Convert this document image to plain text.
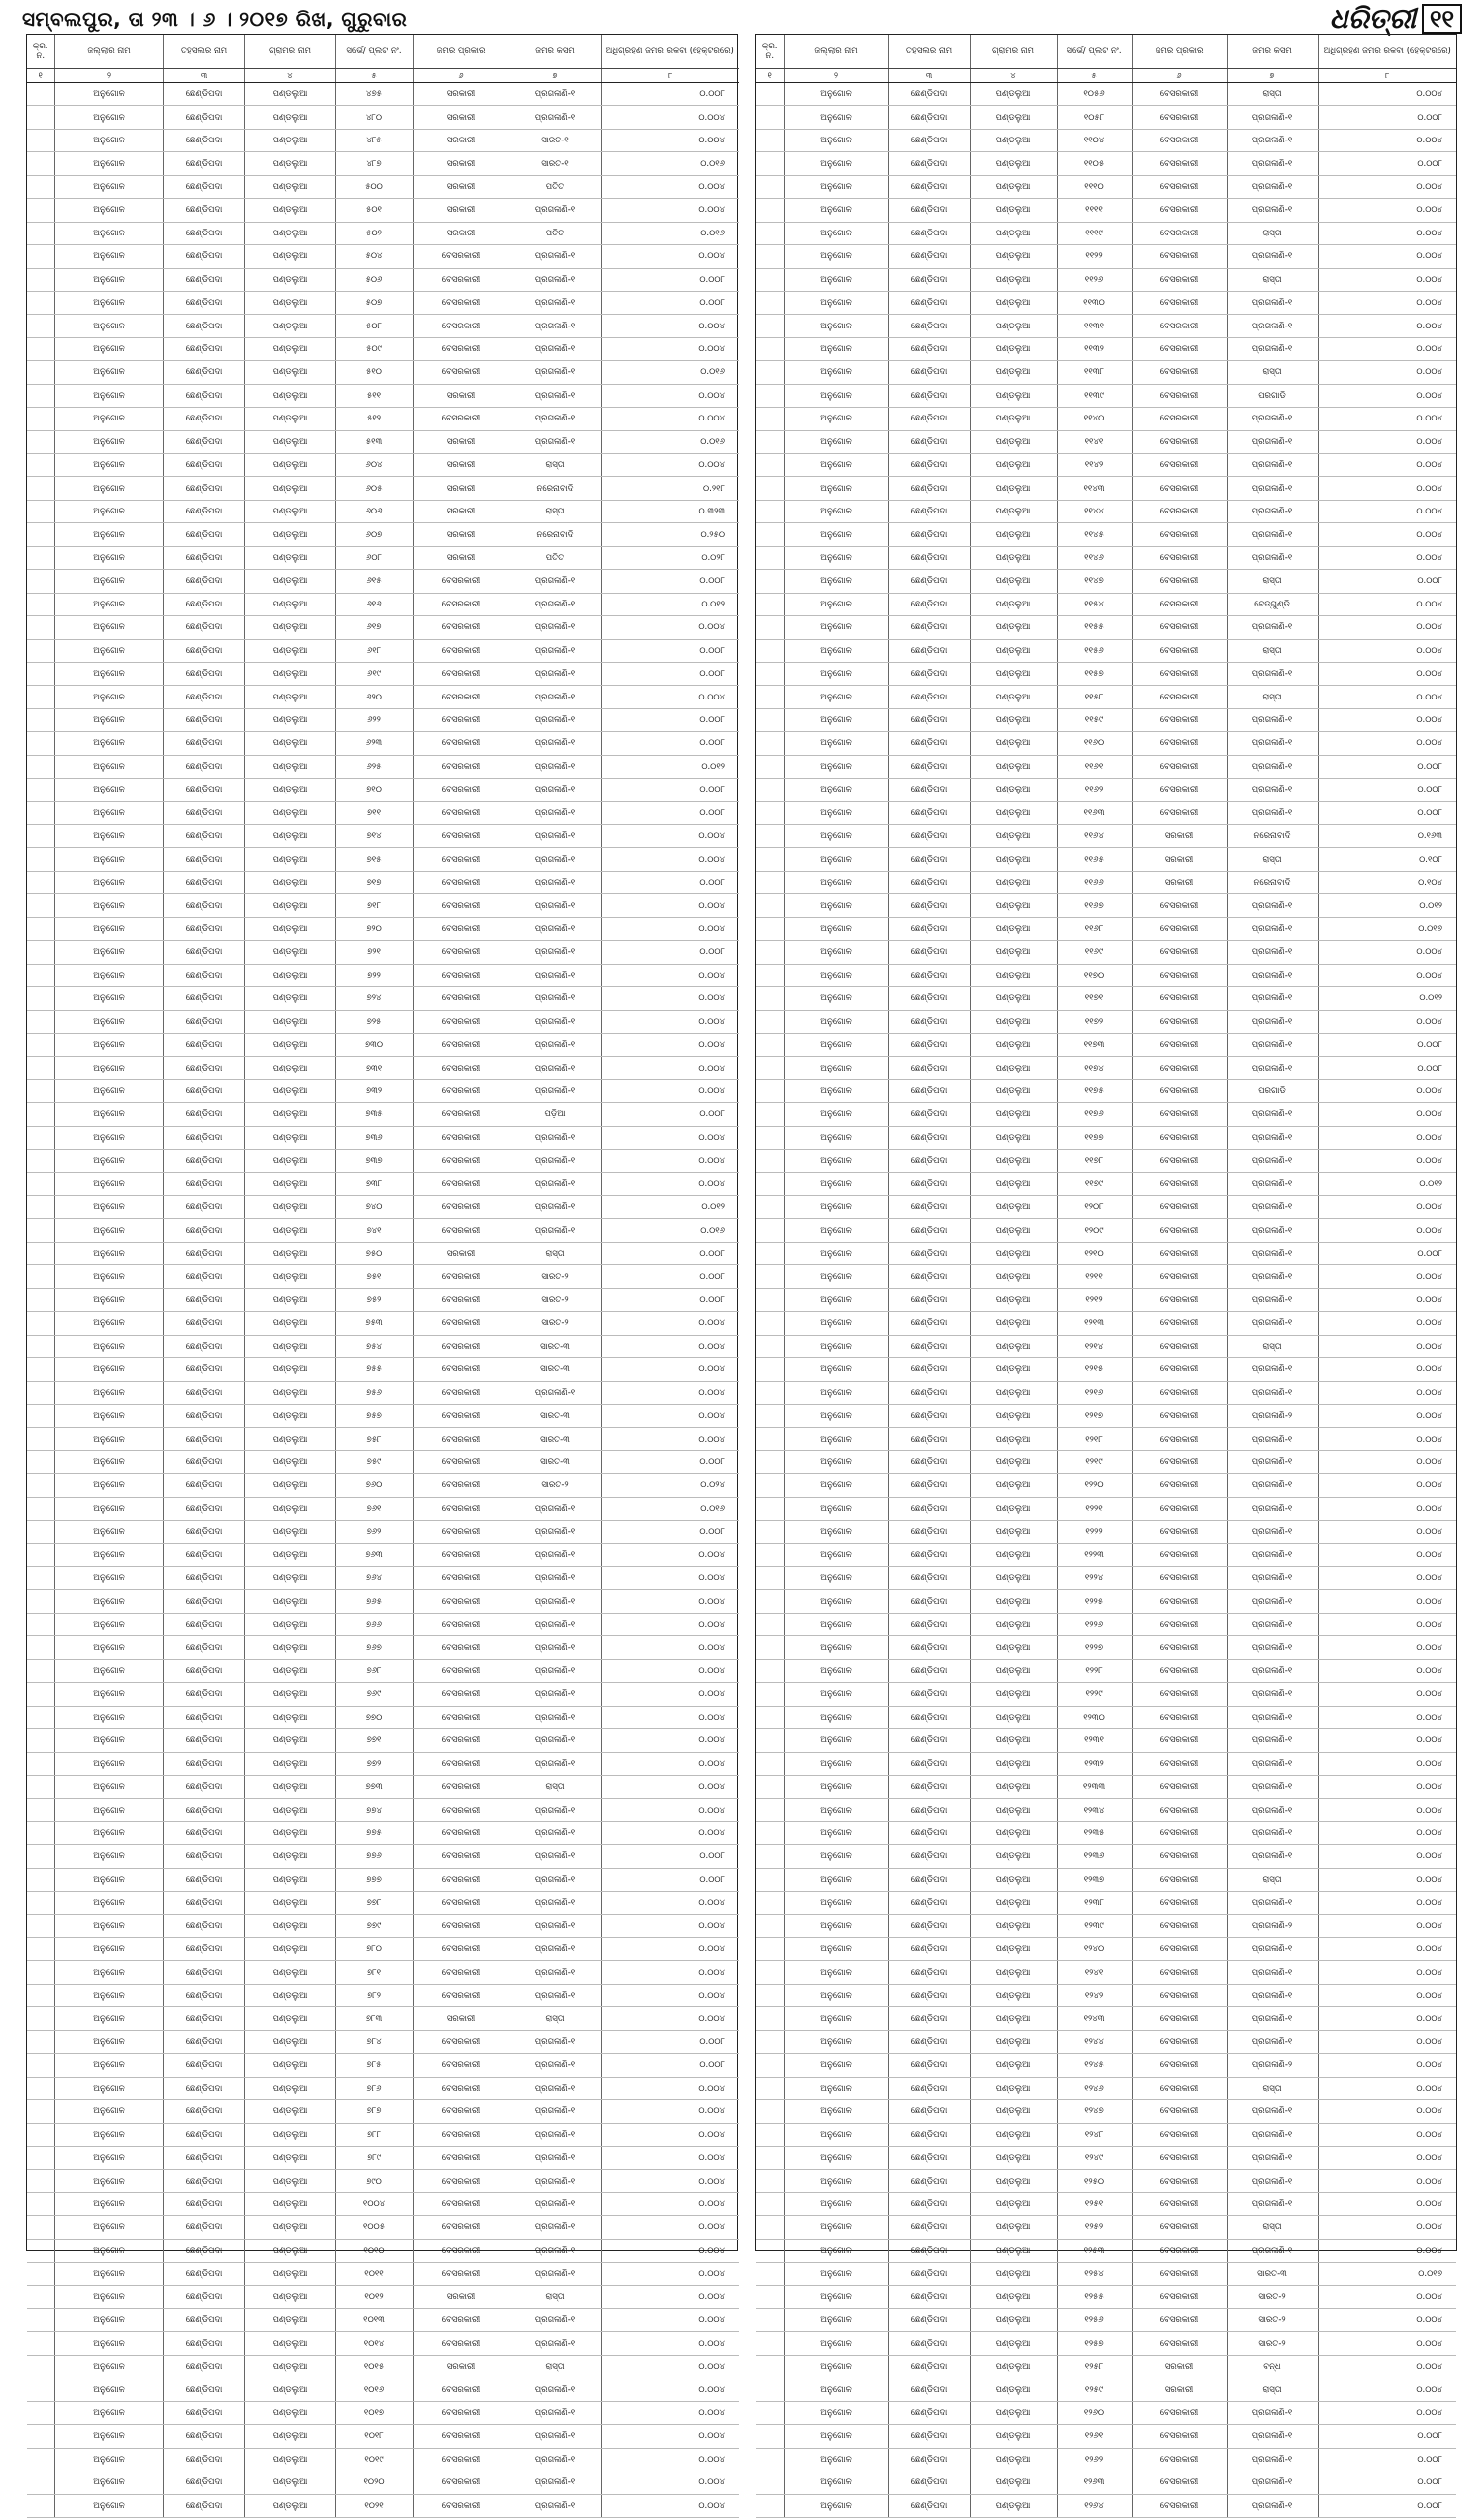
ସମ୍ବଲପୁର, ତା ୨୩ । ୬ । ୨୦୧୭ ରିଖ, ଗୁରୁବାର	ଧରିତ୍ରୀ ୧୧
କ୍ର. ନ.	ଜିଲ୍ଲାର ନାମ	ତହସିଲର ନାମ	ଗ୍ରାମର ନାମ	ସର୍ଭେ/ ପ୍ଲଟ ନଂ.	ଜମିର ପ୍ରକାର	ଜମିର କିସମ	ଅଧିଗ୍ରହଣ ଜମିର ରକବା (ହେକ୍ଟରରେ)
୧	୨	୩	୪	୫	୬	୭	୮
	ଅନୁଗୋଳ	ଛେଣ୍ଡିପଦା	ପଣ୍ଡଲୁଆ	୪୭୫	ସରକାରୀ	ପ୍ରଗଳାଣି-୧	୦.୦୦୮
	ଅନୁଗୋଳ	ଛେଣ୍ଡିପଦା	ପଣ୍ଡଲୁଆ	୪୮୦	ସରକାରୀ	ପ୍ରଗଳାଣି-୧	୦.୦୦୪
	ଅନୁଗୋଳ	ଛେଣ୍ଡିପଦା	ପଣ୍ଡଲୁଆ	୪୮୫	ସରକାରୀ	ସାରତ-୧	୦.୦୦୪
	ଅନୁଗୋଳ	ଛେଣ୍ଡିପଦା	ପଣ୍ଡଲୁଆ	୪୮୭	ସରକାରୀ	ସାରତ-୧	୦.୦୧୬
	ଅନୁଗୋଳ	ଛେଣ୍ଡିପଦା	ପଣ୍ଡଲୁଆ	୫୦୦	ସରକାରୀ	ପତିତ	୦.୦୦୪
	ଅନୁଗୋଳ	ଛେଣ୍ଡିପଦା	ପଣ୍ଡଲୁଆ	୫୦୧	ସରକାରୀ	ପ୍ରଗଳାଣି-୧	୦.୦୦୪
	ଅନୁଗୋଳ	ଛେଣ୍ଡିପଦା	ପଣ୍ଡଲୁଆ	୫୦୨	ସରକାରୀ	ପତିତ	୦.୦୧୬
	ଅନୁଗୋଳ	ଛେଣ୍ଡିପଦା	ପଣ୍ଡଲୁଆ	୫୦୪	ବେସରକାରୀ	ପ୍ରଗଳାଣି-୧	୦.୦୦୪
	ଅନୁଗୋଳ	ଛେଣ୍ଡିପଦା	ପଣ୍ଡଲୁଆ	୫୦୬	ବେସରକାରୀ	ପ୍ରଗଳାଣି-୧	୦.୦୦୮
	ଅନୁଗୋଳ	ଛେଣ୍ଡିପଦା	ପଣ୍ଡଲୁଆ	୫୦୭	ବେସରକାରୀ	ପ୍ରଗଳାଣି-୧	୦.୦୦୮
	ଅନୁଗୋଳ	ଛେଣ୍ଡିପଦା	ପଣ୍ଡଲୁଆ	୫୦୮	ବେସରକାରୀ	ପ୍ରଗଳାଣି-୧	୦.୦୦୪
	ଅନୁଗୋଳ	ଛେଣ୍ଡିପଦା	ପଣ୍ଡଲୁଆ	୫୦୯	ବେସରକାରୀ	ପ୍ରଗଳାଣି-୧	୦.୦୦୪
	ଅନୁଗୋଳ	ଛେଣ୍ଡିପଦା	ପଣ୍ଡଲୁଆ	୫୧୦	ବେସରକାରୀ	ପ୍ରଗଳାଣି-୧	୦.୦୧୬
	ଅନୁଗୋଳ	ଛେଣ୍ଡିପଦା	ପଣ୍ଡଲୁଆ	୫୧୧	ସରକାରୀ	ପ୍ରଗଳାଣି-୧	୦.୦୦୪
	ଅନୁଗୋଳ	ଛେଣ୍ଡିପଦା	ପଣ୍ଡଲୁଆ	୫୧୨	ବେସରକାରୀ	ପ୍ରଗଳାଣି-୧	୦.୦୦୪
	ଅନୁଗୋଳ	ଛେଣ୍ଡିପଦା	ପଣ୍ଡଲୁଆ	୫୧୩	ସରକାରୀ	ପ୍ରଗଳାଣି-୧	୦.୦୧୬
	ଅନୁଗୋଳ	ଛେଣ୍ଡିପଦା	ପଣ୍ଡଲୁଆ	୬୦୪	ସରକାରୀ	ରାସ୍ତା	୦.୦୦୪
	ଅନୁଗୋଳ	ଛେଣ୍ଡିପଦା	ପଣ୍ଡଲୁଆ	୬୦୫	ସରକାରୀ	ନରେନାବାଦି	୦.୨୧୮
	ଅନୁଗୋଳ	ଛେଣ୍ଡିପଦା	ପଣ୍ଡଲୁଆ	୬୦୬	ସରକାରୀ	ରାସ୍ତା	୦.୩୨୩
	ଅନୁଗୋଳ	ଛେଣ୍ଡିପଦା	ପଣ୍ଡଲୁଆ	୬୦୭	ସରକାରୀ	ନରେନାବାଦି	୦.୨୫୦
	ଅନୁଗୋଳ	ଛେଣ୍ଡିପଦା	ପଣ୍ଡଲୁଆ	୬୦୮	ସରକାରୀ	ପତିତ	୦.୦୨୮
	ଅନୁଗୋଳ	ଛେଣ୍ଡିପଦା	ପଣ୍ଡଲୁଆ	୬୧୫	ବେସରକାରୀ	ପ୍ରଗଳାଣି-୧	୦.୦୦୮
	ଅନୁଗୋଳ	ଛେଣ୍ଡିପଦା	ପଣ୍ଡଲୁଆ	୬୧୬	ବେସରକାରୀ	ପ୍ରଗଳାଣି-୧	୦.୦୧୨
	ଅନୁଗୋଳ	ଛେଣ୍ଡିପଦା	ପଣ୍ଡଲୁଆ	୬୧୭	ବେସରକାରୀ	ପ୍ରଗଳାଣି-୧	୦.୦୦୪
	ଅନୁଗୋଳ	ଛେଣ୍ଡିପଦା	ପଣ୍ଡଲୁଆ	୬୧୮	ବେସରକାରୀ	ପ୍ରଗଳାଣି-୧	୦.୦୦୮
	ଅନୁଗୋଳ	ଛେଣ୍ଡିପଦା	ପଣ୍ଡଲୁଆ	୬୧୯	ବେସରକାରୀ	ପ୍ରଗଳାଣି-୧	୦.୦୦୮
	ଅନୁଗୋଳ	ଛେଣ୍ଡିପଦା	ପଣ୍ଡଲୁଆ	୬୨୦	ବେସରକାରୀ	ପ୍ରଗଳାଣି-୧	୦.୦୦୪
	ଅନୁଗୋଳ	ଛେଣ୍ଡିପଦା	ପଣ୍ଡଲୁଆ	୬୨୨	ବେସରକାରୀ	ପ୍ରଗଳାଣି-୧	୦.୦୦୮
	ଅନୁଗୋଳ	ଛେଣ୍ଡିପଦା	ପଣ୍ଡଲୁଆ	୬୨୩	ବେସରକାରୀ	ପ୍ରଗଳାଣି-୧	୦.୦୦୮
	ଅନୁଗୋଳ	ଛେଣ୍ଡିପଦା	ପଣ୍ଡଲୁଆ	୬୨୫	ବେସରକାରୀ	ପ୍ରଗଳାଣି-୧	୦.୦୧୨
	ଅନୁଗୋଳ	ଛେଣ୍ଡିପଦା	ପଣ୍ଡଲୁଆ	୭୧୦	ବେସରକାରୀ	ପ୍ରଗଳାଣି-୧	୦.୦୦୮
	ଅନୁଗୋଳ	ଛେଣ୍ଡିପଦା	ପଣ୍ଡଲୁଆ	୭୧୧	ବେସରକାରୀ	ପ୍ରଗଳାଣି-୧	୦.୦୦୮
	ଅନୁଗୋଳ	ଛେଣ୍ଡିପଦା	ପଣ୍ଡଲୁଆ	୭୧୪	ବେସରକାରୀ	ପ୍ରଗଳାଣି-୧	୦.୦୦୪
	ଅନୁଗୋଳ	ଛେଣ୍ଡିପଦା	ପଣ୍ଡଲୁଆ	୭୧୫	ବେସରକାରୀ	ପ୍ରଗଳାଣି-୧	୦.୦୦୪
	ଅନୁଗୋଳ	ଛେଣ୍ଡିପଦା	ପଣ୍ଡଲୁଆ	୭୧୭	ବେସରକାରୀ	ପ୍ରଗଳାଣି-୧	୦.୦୦୮
	ଅନୁଗୋଳ	ଛେଣ୍ଡିପଦା	ପଣ୍ଡଲୁଆ	୭୧୮	ବେସରକାରୀ	ପ୍ରଗଳାଣି-୧	୦.୦୦୪
	ଅନୁଗୋଳ	ଛେଣ୍ଡିପଦା	ପଣ୍ଡଲୁଆ	୭୨୦	ବେସରକାରୀ	ପ୍ରଗଳାଣି-୧	୦.୦୦୪
	ଅନୁଗୋଳ	ଛେଣ୍ଡିପଦା	ପଣ୍ଡଲୁଆ	୭୨୧	ବେସରକାରୀ	ପ୍ରଗଳାଣି-୧	୦.୦୦୮
	ଅନୁଗୋଳ	ଛେଣ୍ଡିପଦା	ପଣ୍ଡଲୁଆ	୭୨୨	ବେସରକାରୀ	ପ୍ରଗଳାଣି-୧	୦.୦୦୪
	ଅନୁଗୋଳ	ଛେଣ୍ଡିପଦା	ପଣ୍ଡଲୁଆ	୭୨୪	ବେସରକାରୀ	ପ୍ରଗଳାଣି-୧	୦.୦୦୪
	ଅନୁଗୋଳ	ଛେଣ୍ଡିପଦା	ପଣ୍ଡଲୁଆ	୭୨୫	ବେସରକାରୀ	ପ୍ରଗଳାଣି-୧	୦.୦୦୪
	ଅନୁଗୋଳ	ଛେଣ୍ଡିପଦା	ପଣ୍ଡଲୁଆ	୭୩୦	ବେସରକାରୀ	ପ୍ରଗଳାଣି-୧	୦.୦୦୪
	ଅନୁଗୋଳ	ଛେଣ୍ଡିପଦା	ପଣ୍ଡଲୁଆ	୭୩୧	ବେସରକାରୀ	ପ୍ରଗଳାଣି-୧	୦.୦୦୪
	ଅନୁଗୋଳ	ଛେଣ୍ଡିପଦା	ପଣ୍ଡଲୁଆ	୭୩୨	ବେସରକାରୀ	ପ୍ରଗଳାଣି-୧	୦.୦୦୪
	ଅନୁଗୋଳ	ଛେଣ୍ଡିପଦା	ପଣ୍ଡଲୁଆ	୭୩୫	ବେସରକାରୀ	ପଡ଼ିଆ	୦.୦୦୮
	ଅନୁଗୋଳ	ଛେଣ୍ଡିପଦା	ପଣ୍ଡଲୁଆ	୭୩୬	ବେସରକାରୀ	ପ୍ରଗଳାଣି-୧	୦.୦୦୪
	ଅନୁଗୋଳ	ଛେଣ୍ଡିପଦା	ପଣ୍ଡଲୁଆ	୭୩୭	ବେସରକାରୀ	ପ୍ରଗଳାଣି-୧	୦.୦୦୪
	ଅନୁଗୋଳ	ଛେଣ୍ଡିପଦା	ପଣ୍ଡଲୁଆ	୭୩୮	ବେସରକାରୀ	ପ୍ରଗଳାଣି-୧	୦.୦୦୪
	ଅନୁଗୋଳ	ଛେଣ୍ଡିପଦା	ପଣ୍ଡଲୁଆ	୭୪୦	ବେସରକାରୀ	ପ୍ରଗଳାଣି-୧	୦.୦୧୨
	ଅନୁଗୋଳ	ଛେଣ୍ଡିପଦା	ପଣ୍ଡଲୁଆ	୭୪୧	ବେସରକାରୀ	ପ୍ରଗଳାଣି-୧	୦.୦୧୬
	ଅନୁଗୋଳ	ଛେଣ୍ଡିପଦା	ପଣ୍ଡଲୁଆ	୭୫୦	ସରକାରୀ	ରାସ୍ତା	୦.୦୦୮
	ଅନୁଗୋଳ	ଛେଣ୍ଡିପଦା	ପଣ୍ଡଲୁଆ	୭୫୧	ବେସରକାରୀ	ସାରତ-୨	୦.୦୦୮
	ଅନୁଗୋଳ	ଛେଣ୍ଡିପଦା	ପଣ୍ଡଲୁଆ	୭୫୨	ବେସରକାରୀ	ସାରତ-୨	୦.୦୦୮
	ଅନୁଗୋଳ	ଛେଣ୍ଡିପଦା	ପଣ୍ଡଲୁଆ	୭୫୩	ବେସରକାରୀ	ସାରତ-୨	୦.୦୦୪
	ଅନୁଗୋଳ	ଛେଣ୍ଡିପଦା	ପଣ୍ଡଲୁଆ	୭୫୪	ବେସରକାରୀ	ସାରତ-୩	୦.୦୦୪
	ଅନୁଗୋଳ	ଛେଣ୍ଡିପଦା	ପଣ୍ଡଲୁଆ	୭୫୫	ବେସରକାରୀ	ସାରତ-୩	୦.୦୦୪
	ଅନୁଗୋଳ	ଛେଣ୍ଡିପଦା	ପଣ୍ଡଲୁଆ	୭୫୬	ବେସରକାରୀ	ପ୍ରଗଳାଣି-୧	୦.୦୦୪
	ଅନୁଗୋଳ	ଛେଣ୍ଡିପଦା	ପଣ୍ଡଲୁଆ	୭୫୭	ବେସରକାରୀ	ସାରତ-୩	୦.୦୦୪
	ଅନୁଗୋଳ	ଛେଣ୍ଡିପଦା	ପଣ୍ଡଲୁଆ	୭୫୮	ବେସରକାରୀ	ସାରତ-୩	୦.୦୦୪
	ଅନୁଗୋଳ	ଛେଣ୍ଡିପଦା	ପଣ୍ଡଲୁଆ	୭୫୯	ବେସରକାରୀ	ସାରତ-୩	୦.୦୦୮
	ଅନୁଗୋଳ	ଛେଣ୍ଡିପଦା	ପଣ୍ଡଲୁଆ	୭୬୦	ବେସରକାରୀ	ସାରତ-୨	୦.୦୨୪
	ଅନୁଗୋଳ	ଛେଣ୍ଡିପଦା	ପଣ୍ଡଲୁଆ	୭୬୧	ବେସରକାରୀ	ପ୍ରଗଳାଣି-୧	୦.୦୧୬
	ଅନୁଗୋଳ	ଛେଣ୍ଡିପଦା	ପଣ୍ଡଲୁଆ	୭୬୨	ବେସରକାରୀ	ପ୍ରଗଳାଣି-୧	୦.୦୦୮
	ଅନୁଗୋଳ	ଛେଣ୍ଡିପଦା	ପଣ୍ଡଲୁଆ	୭୬୩	ବେସରକାରୀ	ପ୍ରଗଳାଣି-୧	୦.୦୦୪
	ଅନୁଗୋଳ	ଛେଣ୍ଡିପଦା	ପଣ୍ଡଲୁଆ	୭୬୪	ବେସରକାରୀ	ପ୍ରଗଳାଣି-୧	୦.୦୦୪
	ଅନୁଗୋଳ	ଛେଣ୍ଡିପଦା	ପଣ୍ଡଲୁଆ	୭୬୫	ବେସରକାରୀ	ପ୍ରଗଳାଣି-୧	୦.୦୦୪
	ଅନୁଗୋଳ	ଛେଣ୍ଡିପଦା	ପଣ୍ଡଲୁଆ	୭୬୬	ବେସରକାରୀ	ପ୍ରଗଳାଣି-୧	୦.୦୦୪
	ଅନୁଗୋଳ	ଛେଣ୍ଡିପଦା	ପଣ୍ଡଲୁଆ	୭୬୭	ବେସରକାରୀ	ପ୍ରଗଳାଣି-୧	୦.୦୦୪
	ଅନୁଗୋଳ	ଛେଣ୍ଡିପଦା	ପଣ୍ଡଲୁଆ	୭୬୮	ବେସରକାରୀ	ପ୍ରଗଳାଣି-୧	୦.୦୦୪
	ଅନୁଗୋଳ	ଛେଣ୍ଡିପଦା	ପଣ୍ଡଲୁଆ	୭୬୯	ବେସରକାରୀ	ପ୍ରଗଳାଣି-୧	୦.୦୦୪
	ଅନୁଗୋଳ	ଛେଣ୍ଡିପଦା	ପଣ୍ଡଲୁଆ	୭୭୦	ବେସରକାରୀ	ପ୍ରଗଳାଣି-୧	୦.୦୦୪
	ଅନୁଗୋଳ	ଛେଣ୍ଡିପଦା	ପଣ୍ଡଲୁଆ	୭୭୧	ବେସରକାରୀ	ପ୍ରଗଳାଣି-୧	୦.୦୦୪
	ଅନୁଗୋଳ	ଛେଣ୍ଡିପଦା	ପଣ୍ଡଲୁଆ	୭୭୨	ବେସରକାରୀ	ପ୍ରଗଳାଣି-୧	୦.୦୦୪
	ଅନୁଗୋଳ	ଛେଣ୍ଡିପଦା	ପଣ୍ଡଲୁଆ	୭୭୩	ବେସରକାରୀ	ରାସ୍ତା	୦.୦୦୪
	ଅନୁଗୋଳ	ଛେଣ୍ଡିପଦା	ପଣ୍ଡଲୁଆ	୭୭୪	ବେସରକାରୀ	ପ୍ରଗଳାଣି-୧	୦.୦୦୪
	ଅନୁଗୋଳ	ଛେଣ୍ଡିପଦା	ପଣ୍ଡଲୁଆ	୭୭୫	ବେସରକାରୀ	ପ୍ରଗଳାଣି-୧	୦.୦୦୪
	ଅନୁଗୋଳ	ଛେଣ୍ଡିପଦା	ପଣ୍ଡଲୁଆ	୭୭୬	ବେସରକାରୀ	ପ୍ରଗଳାଣି-୧	୦.୦୦୮
	ଅନୁଗୋଳ	ଛେଣ୍ଡିପଦା	ପଣ୍ଡଲୁଆ	୭୭୭	ବେସରକାରୀ	ପ୍ରଗଳାଣି-୧	୦.୦୦୮
	ଅନୁଗୋଳ	ଛେଣ୍ଡିପଦା	ପଣ୍ଡଲୁଆ	୭୭୮	ବେସରକାରୀ	ପ୍ରଗଳାଣି-୧	୦.୦୦୪
	ଅନୁଗୋଳ	ଛେଣ୍ଡିପଦା	ପଣ୍ଡଲୁଆ	୭୭୯	ବେସରକାରୀ	ପ୍ରଗଳାଣି-୧	୦.୦୦୪
	ଅନୁଗୋଳ	ଛେଣ୍ଡିପଦା	ପଣ୍ଡଲୁଆ	୭୮୦	ବେସରକାରୀ	ପ୍ରଗଳାଣି-୧	୦.୦୦୪
	ଅନୁଗୋଳ	ଛେଣ୍ଡିପଦା	ପଣ୍ଡଲୁଆ	୭୮୧	ବେସରକାରୀ	ପ୍ରଗଳାଣି-୧	୦.୦୦୪
	ଅନୁଗୋଳ	ଛେଣ୍ଡିପଦା	ପଣ୍ଡଲୁଆ	୭୮୨	ବେସରକାରୀ	ପ୍ରଗଳାଣି-୧	୦.୦୦୪
	ଅନୁଗୋଳ	ଛେଣ୍ଡିପଦା	ପଣ୍ଡଲୁଆ	୭୮୩	ସରକାରୀ	ରାସ୍ତା	୦.୦୦୪
	ଅନୁଗୋଳ	ଛେଣ୍ଡିପଦା	ପଣ୍ଡଲୁଆ	୭୮୪	ବେସରକାରୀ	ପ୍ରଗଳାଣି-୧	୦.୦୦୮
	ଅନୁଗୋଳ	ଛେଣ୍ଡିପଦା	ପଣ୍ଡଲୁଆ	୭୮୫	ବେସରକାରୀ	ପ୍ରଗଳାଣି-୧	୦.୦୦୮
	ଅନୁଗୋଳ	ଛେଣ୍ଡିପଦା	ପଣ୍ଡଲୁଆ	୭୮୬	ବେସରକାରୀ	ପ୍ରଗଳାଣି-୧	୦.୦୦୪
	ଅନୁଗୋଳ	ଛେଣ୍ଡିପଦା	ପଣ୍ଡଲୁଆ	୭୮୭	ବେସରକାରୀ	ପ୍ରଗଳାଣି-୧	୦.୦୦୪
	ଅନୁଗୋଳ	ଛେଣ୍ଡିପଦା	ପଣ୍ଡଲୁଆ	୭୮୮	ବେସରକାରୀ	ପ୍ରଗଳାଣି-୧	୦.୦୦୪
	ଅନୁଗୋଳ	ଛେଣ୍ଡିପଦା	ପଣ୍ଡଲୁଆ	୭୮୯	ବେସରକାରୀ	ପ୍ରଗଳାଣି-୧	୦.୦୦୪
	ଅନୁଗୋଳ	ଛେଣ୍ଡିପଦା	ପଣ୍ଡଲୁଆ	୭୯୦	ବେସରକାରୀ	ପ୍ରଗଳାଣି-୧	୦.୦୦୪
	ଅନୁଗୋଳ	ଛେଣ୍ଡିପଦା	ପଣ୍ଡଲୁଆ	୧୦୦୪	ବେସରକାରୀ	ପ୍ରଗଳାଣି-୧	୦.୦୦୪
	ଅନୁଗୋଳ	ଛେଣ୍ଡିପଦା	ପଣ୍ଡଲୁଆ	୧୦୦୫	ବେସରକାରୀ	ପ୍ରଗଳାଣି-୧	୦.୦୦୪
	ଅନୁଗୋଳ	ଛେଣ୍ଡିପଦା	ପଣ୍ଡଲୁଆ	୧୦୧୦	ବେସରକାରୀ	ପ୍ରଗଳାଣି-୧	୦.୦୦୪
	ଅନୁଗୋଳ	ଛେଣ୍ଡିପଦା	ପଣ୍ଡଲୁଆ	୧୦୧୧	ବେସରକାରୀ	ପ୍ରଗଳାଣି-୧	୦.୦୦୪
	ଅନୁଗୋଳ	ଛେଣ୍ଡିପଦା	ପଣ୍ଡଲୁଆ	୧୦୧୨	ସରକାରୀ	ରାସ୍ତା	୦.୦୦୪
	ଅନୁଗୋଳ	ଛେଣ୍ଡିପଦା	ପଣ୍ଡଲୁଆ	୧୦୧୩	ବେସରକାରୀ	ପ୍ରଗଳାଣି-୧	୦.୦୦୪
	ଅନୁଗୋଳ	ଛେଣ୍ଡିପଦା	ପଣ୍ଡଲୁଆ	୧୦୧୪	ବେସରକାରୀ	ପ୍ରଗଳାଣି-୧	୦.୦୦୪
	ଅନୁଗୋଳ	ଛେଣ୍ଡିପଦା	ପଣ୍ଡଲୁଆ	୧୦୧୫	ସରକାରୀ	ରାସ୍ତା	୦.୦୦୪
	ଅନୁଗୋଳ	ଛେଣ୍ଡିପଦା	ପଣ୍ଡଲୁଆ	୧୦୧୬	ବେସରକାରୀ	ପ୍ରଗଳାଣି-୧	୦.୦୦୪
	ଅନୁଗୋଳ	ଛେଣ୍ଡିପଦା	ପଣ୍ଡଲୁଆ	୧୦୧୭	ବେସରକାରୀ	ପ୍ରଗଳାଣି-୧	୦.୦୦୪
	ଅନୁଗୋଳ	ଛେଣ୍ଡିପଦା	ପଣ୍ଡଲୁଆ	୧୦୧୮	ବେସରକାରୀ	ପ୍ରଗଳାଣି-୧	୦.୦୦୪
	ଅନୁଗୋଳ	ଛେଣ୍ଡିପଦା	ପଣ୍ଡଲୁଆ	୧୦୧୯	ବେସରକାରୀ	ପ୍ରଗଳାଣି-୧	୦.୦୦୪
	ଅନୁଗୋଳ	ଛେଣ୍ଡିପଦା	ପଣ୍ଡଲୁଆ	୧୦୨୦	ବେସରକାରୀ	ପ୍ରଗଳାଣି-୧	୦.୦୦୪
	ଅନୁଗୋଳ	ଛେଣ୍ଡିପଦା	ପଣ୍ଡଲୁଆ	୧୦୨୧	ବେସରକାରୀ	ପ୍ରଗଳାଣି-୧	୦.୦୦୪
କ୍ର. ନ.	ଜିଲ୍ଲାର ନାମ	ତହସିଲର ନାମ	ଗ୍ରାମର ନାମ	ସର୍ଭେ/ ପ୍ଲଟ ନଂ.	ଜମିର ପ୍ରକାର	ଜମିର କିସମ	ଅଧିଗ୍ରହଣ ଜମିର ରକବା (ହେକ୍ଟରରେ)
୧	୨	୩	୪	୫	୬	୭	୮
	ଅନୁଗୋଳ	ଛେଣ୍ଡିପଦା	ପଣ୍ଡଲୁଆ	୧୦୫୬	ବେସରକାରୀ	ରାସ୍ତା	୦.୦୦୪
	ଅନୁଗୋଳ	ଛେଣ୍ଡିପଦା	ପଣ୍ଡଲୁଆ	୧୦୫୮	ବେସରକାରୀ	ପ୍ରଗଳାଣି-୧	୦.୦୦୮
	ଅନୁଗୋଳ	ଛେଣ୍ଡିପଦା	ପଣ୍ଡଲୁଆ	୧୧୦୪	ବେସରକାରୀ	ପ୍ରଗଳାଣି-୧	୦.୦୦୪
	ଅନୁଗୋଳ	ଛେଣ୍ଡିପଦା	ପଣ୍ଡଲୁଆ	୧୧୦୫	ବେସରକାରୀ	ପ୍ରଗଳାଣି-୧	୦.୦୦୮
	ଅନୁଗୋଳ	ଛେଣ୍ଡିପଦା	ପଣ୍ଡଲୁଆ	୧୧୧୦	ବେସରକାରୀ	ପ୍ରଗଳାଣି-୧	୦.୦୦୪
	ଅନୁଗୋଳ	ଛେଣ୍ଡିପଦା	ପଣ୍ଡଲୁଆ	୧୧୧୧	ବେସରକାରୀ	ପ୍ରଗଳାଣି-୧	୦.୦୦୪
	ଅନୁଗୋଳ	ଛେଣ୍ଡିପଦା	ପଣ୍ଡଲୁଆ	୧୧୧୯	ବେସରକାରୀ	ରାସ୍ତା	୦.୦୦୪
	ଅନୁଗୋଳ	ଛେଣ୍ଡିପଦା	ପଣ୍ଡଲୁଆ	୧୧୨୨	ବେସରକାରୀ	ପ୍ରଗଳାଣି-୧	୦.୦୦୪
	ଅନୁଗୋଳ	ଛେଣ୍ଡିପଦା	ପଣ୍ଡଲୁଆ	୧୧୨୬	ବେସରକାରୀ	ରାସ୍ତା	୦.୦୦୪
	ଅନୁଗୋଳ	ଛେଣ୍ଡିପଦା	ପଣ୍ଡଲୁଆ	୧୧୩୦	ବେସରକାରୀ	ପ୍ରଗଳାଣି-୧	୦.୦୦୪
	ଅନୁଗୋଳ	ଛେଣ୍ଡିପଦା	ପଣ୍ଡଲୁଆ	୧୧୩୧	ବେସରକାରୀ	ପ୍ରଗଳାଣି-୧	୦.୦୦୪
	ଅନୁଗୋଳ	ଛେଣ୍ଡିପଦା	ପଣ୍ଡଲୁଆ	୧୧୩୨	ବେସରକାରୀ	ପ୍ରଗଳାଣି-୧	୦.୦୦୪
	ଅନୁଗୋଳ	ଛେଣ୍ଡିପଦା	ପଣ୍ଡଲୁଆ	୧୧୩୮	ବେସରକାରୀ	ରାସ୍ତା	୦.୦୦୪
	ଅନୁଗୋଳ	ଛେଣ୍ଡିପଦା	ପଣ୍ଡଲୁଆ	୧୧୩୯	ବେସରକାରୀ	ପରଗାଡି	୦.୦୦୪
	ଅନୁଗୋଳ	ଛେଣ୍ଡିପଦା	ପଣ୍ଡଲୁଆ	୧୧୪୦	ବେସରକାରୀ	ପ୍ରଗଳାଣି-୧	୦.୦୦୪
	ଅନୁଗୋଳ	ଛେଣ୍ଡିପଦା	ପଣ୍ଡଲୁଆ	୧୧୪୧	ବେସରକାରୀ	ପ୍ରଗଳାଣି-୧	୦.୦୦୪
	ଅନୁଗୋଳ	ଛେଣ୍ଡିପଦା	ପଣ୍ଡଲୁଆ	୧୧୪୨	ବେସରକାରୀ	ପ୍ରଗଳାଣି-୧	୦.୦୦୪
	ଅନୁଗୋଳ	ଛେଣ୍ଡିପଦା	ପଣ୍ଡଲୁଆ	୧୧୪୩	ବେସରକାରୀ	ପ୍ରଗଳାଣି-୧	୦.୦୦୪
	ଅନୁଗୋଳ	ଛେଣ୍ଡିପଦା	ପଣ୍ଡଲୁଆ	୧୧୪୪	ବେସରକାରୀ	ପ୍ରଗଳାଣି-୧	୦.୦୦୪
	ଅନୁଗୋଳ	ଛେଣ୍ଡିପଦା	ପଣ୍ଡଲୁଆ	୧୧୪୫	ବେସରକାରୀ	ପ୍ରଗଳାଣି-୧	୦.୦୦୪
	ଅନୁଗୋଳ	ଛେଣ୍ଡିପଦା	ପଣ୍ଡଲୁଆ	୧୧୪୬	ବେସରକାରୀ	ପ୍ରଗଳାଣି-୧	୦.୦୦୪
	ଅନୁଗୋଳ	ଛେଣ୍ଡିପଦା	ପଣ୍ଡଲୁଆ	୧୧୪୭	ବେସରକାରୀ	ରାସ୍ତା	୦.୦୦୮
	ଅନୁଗୋଳ	ଛେଣ୍ଡିପଦା	ପଣ୍ଡଲୁଆ	୧୧୫୪	ବେସରକାରୀ	ବେଡ୍‌ଗୁଣ୍ଡି	୦.୦୦୪
	ଅନୁଗୋଳ	ଛେଣ୍ଡିପଦା	ପଣ୍ଡଲୁଆ	୧୧୫୫	ବେସରକାରୀ	ପ୍ରଗଳାଣି-୧	୦.୦୦୪
	ଅନୁଗୋଳ	ଛେଣ୍ଡିପଦା	ପଣ୍ଡଲୁଆ	୧୧୫୬	ବେସରକାରୀ	ରାସ୍ତା	୦.୦୦୪
	ଅନୁଗୋଳ	ଛେଣ୍ଡିପଦା	ପଣ୍ଡଲୁଆ	୧୧୫୭	ବେସରକାରୀ	ପ୍ରଗଳାଣି-୧	୦.୦୦୪
	ଅନୁଗୋଳ	ଛେଣ୍ଡିପଦା	ପଣ୍ଡଲୁଆ	୧୧୫୮	ବେସରକାରୀ	ରାସ୍ତା	୦.୦୦୪
	ଅନୁଗୋଳ	ଛେଣ୍ଡିପଦା	ପଣ୍ଡଲୁଆ	୧୧୫୯	ବେସରକାରୀ	ପ୍ରଗଳାଣି-୧	୦.୦୦୪
	ଅନୁଗୋଳ	ଛେଣ୍ଡିପଦା	ପଣ୍ଡଲୁଆ	୧୧୬୦	ବେସରକାରୀ	ପ୍ରଗଳାଣି-୧	୦.୦୦୪
	ଅନୁଗୋଳ	ଛେଣ୍ଡିପଦା	ପଣ୍ଡଲୁଆ	୧୧୬୧	ବେସରକାରୀ	ପ୍ରଗଳାଣି-୧	୦.୦୦୮
	ଅନୁଗୋଳ	ଛେଣ୍ଡିପଦା	ପଣ୍ଡଲୁଆ	୧୧୬୨	ବେସରକାରୀ	ପ୍ରଗଳାଣି-୧	୦.୦୦୮
	ଅନୁଗୋଳ	ଛେଣ୍ଡିପଦା	ପଣ୍ଡଲୁଆ	୧୧୬୩	ବେସରକାରୀ	ପ୍ରଗଳାଣି-୧	୦.୦୦୮
	ଅନୁଗୋଳ	ଛେଣ୍ଡିପଦା	ପଣ୍ଡଲୁଆ	୧୧୬୪	ସରକାରୀ	ନରେନାବାଦି	୦.୧୬୩
	ଅନୁଗୋଳ	ଛେଣ୍ଡିପଦା	ପଣ୍ଡଲୁଆ	୧୧୬୫	ସରକାରୀ	ରାସ୍ତା	୦.୧୦୮
	ଅନୁଗୋଳ	ଛେଣ୍ଡିପଦା	ପଣ୍ଡଲୁଆ	୧୧୬୬	ସରକାରୀ	ନରେନାବାଦି	୦.୧୦୪
	ଅନୁଗୋଳ	ଛେଣ୍ଡିପଦା	ପଣ୍ଡଲୁଆ	୧୧୬୭	ବେସରକାରୀ	ପ୍ରଗଳାଣି-୧	୦.୦୧୨
	ଅନୁଗୋଳ	ଛେଣ୍ଡିପଦା	ପଣ୍ଡଲୁଆ	୧୧୬୮	ବେସରକାରୀ	ପ୍ରଗଳାଣି-୧	୦.୦୧୬
	ଅନୁଗୋଳ	ଛେଣ୍ଡିପଦା	ପଣ୍ଡଲୁଆ	୧୧୬୯	ବେସରକାରୀ	ପ୍ରଗଳାଣି-୧	୦.୦୦୪
	ଅନୁଗୋଳ	ଛେଣ୍ଡିପଦା	ପଣ୍ଡଲୁଆ	୧୧୭୦	ବେସରକାରୀ	ପ୍ରଗଳାଣି-୧	୦.୦୦୪
	ଅନୁଗୋଳ	ଛେଣ୍ଡିପଦା	ପଣ୍ଡଲୁଆ	୧୧୭୧	ବେସରକାରୀ	ପ୍ରଗଳାଣି-୧	୦.୦୧୨
	ଅନୁଗୋଳ	ଛେଣ୍ଡିପଦା	ପଣ୍ଡଲୁଆ	୧୧୭୨	ବେସରକାରୀ	ପ୍ରଗଳାଣି-୧	୦.୦୦୪
	ଅନୁଗୋଳ	ଛେଣ୍ଡିପଦା	ପଣ୍ଡଲୁଆ	୧୧୭୩	ବେସରକାରୀ	ପ୍ରଗଳାଣି-୧	୦.୦୦୮
	ଅନୁଗୋଳ	ଛେଣ୍ଡିପଦା	ପଣ୍ଡଲୁଆ	୧୧୭୪	ବେସରକାରୀ	ପ୍ରଗଳାଣି-୧	୦.୦୦୮
	ଅନୁଗୋଳ	ଛେଣ୍ଡିପଦା	ପଣ୍ଡଲୁଆ	୧୧୭୫	ବେସରକାରୀ	ପରଗାଡି	୦.୦୦୪
	ଅନୁଗୋଳ	ଛେଣ୍ଡିପଦା	ପଣ୍ଡଲୁଆ	୧୧୭୬	ବେସରକାରୀ	ପ୍ରଗଳାଣି-୧	୦.୦୦୪
	ଅନୁଗୋଳ	ଛେଣ୍ଡିପଦା	ପଣ୍ଡଲୁଆ	୧୧୭୭	ବେସରକାରୀ	ପ୍ରଗଳାଣି-୧	୦.୦୦୪
	ଅନୁଗୋଳ	ଛେଣ୍ଡିପଦା	ପଣ୍ଡଲୁଆ	୧୧୭୮	ବେସରକାରୀ	ପ୍ରଗଳାଣି-୧	୦.୦୦୪
	ଅନୁଗୋଳ	ଛେଣ୍ଡିପଦା	ପଣ୍ଡଲୁଆ	୧୧୭୯	ବେସରକାରୀ	ପ୍ରଗଳାଣି-୧	୦.୦୧୨
	ଅନୁଗୋଳ	ଛେଣ୍ଡିପଦା	ପଣ୍ଡଲୁଆ	୧୨୦୮	ବେସରକାରୀ	ପ୍ରଗଳାଣି-୧	୦.୦୦୪
	ଅନୁଗୋଳ	ଛେଣ୍ଡିପଦା	ପଣ୍ଡଲୁଆ	୧୨୦୯	ବେସରକାରୀ	ପ୍ରଗଳାଣି-୧	୦.୦୦୪
	ଅନୁଗୋଳ	ଛେଣ୍ଡିପଦା	ପଣ୍ଡଲୁଆ	୧୨୧୦	ବେସରକାରୀ	ପ୍ରଗଳାଣି-୧	୦.୦୦୮
	ଅନୁଗୋଳ	ଛେଣ୍ଡିପଦା	ପଣ୍ଡଲୁଆ	୧୨୧୧	ବେସରକାରୀ	ପ୍ରଗଳାଣି-୧	୦.୦୦୪
	ଅନୁଗୋଳ	ଛେଣ୍ଡିପଦା	ପଣ୍ଡଲୁଆ	୧୨୧୨	ବେସରକାରୀ	ପ୍ରଗଳାଣି-୧	୦.୦୦୪
	ଅନୁଗୋଳ	ଛେଣ୍ଡିପଦା	ପଣ୍ଡଲୁଆ	୧୨୧୩	ବେସରକାରୀ	ପ୍ରଗଳାଣି-୧	୦.୦୦୪
	ଅନୁଗୋଳ	ଛେଣ୍ଡିପଦା	ପଣ୍ଡଲୁଆ	୧୨୧୪	ବେସରକାରୀ	ରାସ୍ତା	୦.୦୦୪
	ଅନୁଗୋଳ	ଛେଣ୍ଡିପଦା	ପଣ୍ଡଲୁଆ	୧୨୧୫	ବେସରକାରୀ	ପ୍ରଗଳାଣି-୧	୦.୦୦୪
	ଅନୁଗୋଳ	ଛେଣ୍ଡିପଦା	ପଣ୍ଡଲୁଆ	୧୨୧୬	ବେସରକାରୀ	ପ୍ରଗଳାଣି-୧	୦.୦୦୪
	ଅନୁଗୋଳ	ଛେଣ୍ଡିପଦା	ପଣ୍ଡଲୁଆ	୧୨୧୭	ବେସରକାରୀ	ପ୍ରଗଳାଣି-୨	୦.୦୦୪
	ଅନୁଗୋଳ	ଛେଣ୍ଡିପଦା	ପଣ୍ଡଲୁଆ	୧୨୧୮	ବେସରକାରୀ	ପ୍ରଗଳାଣି-୧	୦.୦୦୪
	ଅନୁଗୋଳ	ଛେଣ୍ଡିପଦା	ପଣ୍ଡଲୁଆ	୧୨୧୯	ବେସରକାରୀ	ପ୍ରଗଳାଣି-୧	୦.୦୦୪
	ଅନୁଗୋଳ	ଛେଣ୍ଡିପଦା	ପଣ୍ଡଲୁଆ	୧୨୨୦	ବେସରକାରୀ	ପ୍ରଗଳାଣି-୧	୦.୦୦୪
	ଅନୁଗୋଳ	ଛେଣ୍ଡିପଦା	ପଣ୍ଡଲୁଆ	୧୨୨୧	ବେସରକାରୀ	ପ୍ରଗଳାଣି-୧	୦.୦୦୪
	ଅନୁଗୋଳ	ଛେଣ୍ଡିପଦା	ପଣ୍ଡଲୁଆ	୧୨୨୨	ବେସରକାରୀ	ପ୍ରଗଳାଣି-୧	୦.୦୦୪
	ଅନୁଗୋଳ	ଛେଣ୍ଡିପଦା	ପଣ୍ଡଲୁଆ	୧୨୨୩	ବେସରକାରୀ	ପ୍ରଗଳାଣି-୧	୦.୦୦୪
	ଅନୁଗୋଳ	ଛେଣ୍ଡିପଦା	ପଣ୍ଡଲୁଆ	୧୨୨୪	ବେସରକାରୀ	ପ୍ରଗଳାଣି-୧	୦.୦୦୪
	ଅନୁଗୋଳ	ଛେଣ୍ଡିପଦା	ପଣ୍ଡଲୁଆ	୧୨୨୫	ବେସରକାରୀ	ପ୍ରଗଳାଣି-୧	୦.୦୦୪
	ଅନୁଗୋଳ	ଛେଣ୍ଡିପଦା	ପଣ୍ଡଲୁଆ	୧୨୨୬	ବେସରକାରୀ	ପ୍ରଗଳାଣି-୧	୦.୦୦୪
	ଅନୁଗୋଳ	ଛେଣ୍ଡିପଦା	ପଣ୍ଡଲୁଆ	୧୨୨୭	ବେସରକାରୀ	ପ୍ରଗଳାଣି-୧	୦.୦୦୪
	ଅନୁଗୋଳ	ଛେଣ୍ଡିପଦା	ପଣ୍ଡଲୁଆ	୧୨୨୮	ବେସରକାରୀ	ପ୍ରଗଳାଣି-୧	୦.୦୦୪
	ଅନୁଗୋଳ	ଛେଣ୍ଡିପଦା	ପଣ୍ଡଲୁଆ	୧୨୨୯	ବେସରକାରୀ	ପ୍ରଗଳାଣି-୧	୦.୦୦୪
	ଅନୁଗୋଳ	ଛେଣ୍ଡିପଦା	ପଣ୍ଡଲୁଆ	୧୨୩୦	ବେସରକାରୀ	ପ୍ରଗଳାଣି-୧	୦.୦୦୪
	ଅନୁଗୋଳ	ଛେଣ୍ଡିପଦା	ପଣ୍ଡଲୁଆ	୧୨୩୧	ବେସରକାରୀ	ପ୍ରଗଳାଣି-୧	୦.୦୦୪
	ଅନୁଗୋଳ	ଛେଣ୍ଡିପଦା	ପଣ୍ଡଲୁଆ	୧୨୩୨	ବେସରକାରୀ	ପ୍ରଗଳାଣି-୧	୦.୦୦୪
	ଅନୁଗୋଳ	ଛେଣ୍ଡିପଦା	ପଣ୍ଡଲୁଆ	୧୨୩୩	ବେସରକାରୀ	ପ୍ରଗଳାଣି-୧	୦.୦୦୪
	ଅନୁଗୋଳ	ଛେଣ୍ଡିପଦା	ପଣ୍ଡଲୁଆ	୧୨୩୪	ବେସରକାରୀ	ପ୍ରଗଳାଣି-୧	୦.୦୦୪
	ଅନୁଗୋଳ	ଛେଣ୍ଡିପଦା	ପଣ୍ଡଲୁଆ	୧୨୩୫	ବେସରକାରୀ	ପ୍ରଗଳାଣି-୧	୦.୦୦୪
	ଅନୁଗୋଳ	ଛେଣ୍ଡିପଦା	ପଣ୍ଡଲୁଆ	୧୨୩୬	ବେସରକାରୀ	ପ୍ରଗଳାଣି-୧	୦.୦୦୪
	ଅନୁଗୋଳ	ଛେଣ୍ଡିପଦା	ପଣ୍ଡଲୁଆ	୧୨୩୭	ବେସରକାରୀ	ରାସ୍ତା	୦.୦୦୪
	ଅନୁଗୋଳ	ଛେଣ୍ଡିପଦା	ପଣ୍ଡଲୁଆ	୧୨୩୮	ବେସରକାରୀ	ପ୍ରଗଳାଣି-୧	୦.୦୦୪
	ଅନୁଗୋଳ	ଛେଣ୍ଡିପଦା	ପଣ୍ଡଲୁଆ	୧୨୩୯	ବେସରକାରୀ	ପ୍ରଗଳାଣି-୨	୦.୦୦୪
	ଅନୁଗୋଳ	ଛେଣ୍ଡିପଦା	ପଣ୍ଡଲୁଆ	୧୨୪୦	ବେସରକାରୀ	ପ୍ରଗଳାଣି-୧	୦.୦୦୪
	ଅନୁଗୋଳ	ଛେଣ୍ଡିପଦା	ପଣ୍ଡଲୁଆ	୧୨୪୧	ବେସରକାରୀ	ପ୍ରଗଳାଣି-୧	୦.୦୦୪
	ଅନୁଗୋଳ	ଛେଣ୍ଡିପଦା	ପଣ୍ଡଲୁଆ	୧୨୪୨	ବେସରକାରୀ	ପ୍ରଗଳାଣି-୧	୦.୦୦୪
	ଅନୁଗୋଳ	ଛେଣ୍ଡିପଦା	ପଣ୍ଡଲୁଆ	୧୨୪୩	ବେସରକାରୀ	ପ୍ରଗଳାଣି-୧	୦.୦୦୪
	ଅନୁଗୋଳ	ଛେଣ୍ଡିପଦା	ପଣ୍ଡଲୁଆ	୧୨୪୪	ବେସରକାରୀ	ପ୍ରଗଳାଣି-୧	୦.୦୦୪
	ଅନୁଗୋଳ	ଛେଣ୍ଡିପଦା	ପଣ୍ଡଲୁଆ	୧୨୪୫	ବେସରକାରୀ	ପ୍ରଗଳାଣି-୨	୦.୦୦୪
	ଅନୁଗୋଳ	ଛେଣ୍ଡିପଦା	ପଣ୍ଡଲୁଆ	୧୨୪୬	ବେସରକାରୀ	ରାସ୍ତା	୦.୦୦୪
	ଅନୁଗୋଳ	ଛେଣ୍ଡିପଦା	ପଣ୍ଡଲୁଆ	୧୨୪୭	ବେସରକାରୀ	ପ୍ରଗଳାଣି-୧	୦.୦୦୪
	ଅନୁଗୋଳ	ଛେଣ୍ଡିପଦା	ପଣ୍ଡଲୁଆ	୧୨୪୮	ବେସରକାରୀ	ପ୍ରଗଳାଣି-୧	୦.୦୦୪
	ଅନୁଗୋଳ	ଛେଣ୍ଡିପଦା	ପଣ୍ଡଲୁଆ	୧୨୪୯	ବେସରକାରୀ	ପ୍ରଗଳାଣି-୧	୦.୦୦୪
	ଅନୁଗୋଳ	ଛେଣ୍ଡିପଦା	ପଣ୍ଡଲୁଆ	୧୨୫୦	ବେସରକାରୀ	ପ୍ରଗଳାଣି-୧	୦.୦୦୪
	ଅନୁଗୋଳ	ଛେଣ୍ଡିପଦା	ପଣ୍ଡଲୁଆ	୧୨୫୧	ବେସରକାରୀ	ପ୍ରଗଳାଣି-୧	୦.୦୦୪
	ଅନୁଗୋଳ	ଛେଣ୍ଡିପଦା	ପଣ୍ଡଲୁଆ	୧୨୫୨	ବେସରକାରୀ	ରାସ୍ତା	୦.୦୦୪
	ଅନୁଗୋଳ	ଛେଣ୍ଡିପଦା	ପଣ୍ଡଲୁଆ	୧୨୫୩	ବେସରକାରୀ	ପ୍ରଗଳାଣି-୧	୦.୦୦୪
	ଅନୁଗୋଳ	ଛେଣ୍ଡିପଦା	ପଣ୍ଡଲୁଆ	୧୨୫୪	ବେସରକାରୀ	ସାରତ-୩	୦.୦୧୬
	ଅନୁଗୋଳ	ଛେଣ୍ଡିପଦା	ପଣ୍ଡଲୁଆ	୧୨୫୫	ବେସରକାରୀ	ସାରତ-୨	୦.୦୦୪
	ଅନୁଗୋଳ	ଛେଣ୍ଡିପଦା	ପଣ୍ଡଲୁଆ	୧୨୫୬	ବେସରକାରୀ	ସାରତ-୨	୦.୦୦୪
	ଅନୁଗୋଳ	ଛେଣ୍ଡିପଦା	ପଣ୍ଡଲୁଆ	୧୨୫୭	ବେସରକାରୀ	ସାରତ-୨	୦.୦୦୪
	ଅନୁଗୋଳ	ଛେଣ୍ଡିପଦା	ପଣ୍ଡଲୁଆ	୧୨୫୮	ସରକାରୀ	ବନ୍ଧ	୦.୦୦୪
	ଅନୁଗୋଳ	ଛେଣ୍ଡିପଦା	ପଣ୍ଡଲୁଆ	୧୨୫୯	ସରକାରୀ	ରାସ୍ତା	୦.୦୦୪
	ଅନୁଗୋଳ	ଛେଣ୍ଡିପଦା	ପଣ୍ଡଲୁଆ	୧୨୬୦	ବେସରକାରୀ	ପ୍ରଗଳାଣି-୧	୦.୦୦୪
	ଅନୁଗୋଳ	ଛେଣ୍ଡିପଦା	ପଣ୍ଡଲୁଆ	୧୨୬୧	ବେସରକାରୀ	ପ୍ରଗଳାଣି-୧	୦.୦୦୮
	ଅନୁଗୋଳ	ଛେଣ୍ଡିପଦା	ପଣ୍ଡଲୁଆ	୧୨୬୨	ବେସରକାରୀ	ପ୍ରଗଳାଣି-୧	୦.୦୦୮
	ଅନୁଗୋଳ	ଛେଣ୍ଡିପଦା	ପଣ୍ଡଲୁଆ	୧୨୬୩	ବେସରକାରୀ	ପ୍ରଗଳାଣି-୧	୦.୦୦୮
	ଅନୁଗୋଳ	ଛେଣ୍ଡିପଦା	ପଣ୍ଡଲୁଆ	୧୨୬୪	ବେସରକାରୀ	ପ୍ରଗଳାଣି-୧	୦.୦୦୮
